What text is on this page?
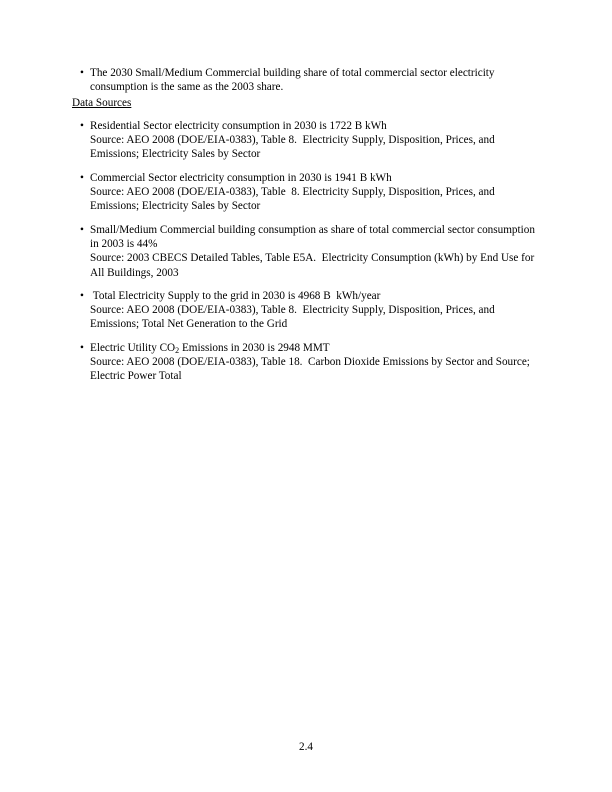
• The 2030 Small/Medium Commercial building share of total commercial sector electricity consumption is the same as the 2003 share.
Data Sources
• Residential Sector electricity consumption in 2030 is 1722 B kWh
Source: AEO 2008 (DOE/EIA-0383), Table 8.  Electricity Supply, Disposition, Prices, and Emissions; Electricity Sales by Sector
• Commercial Sector electricity consumption in 2030 is 1941 B kWh
Source: AEO 2008 (DOE/EIA-0383), Table  8. Electricity Supply, Disposition, Prices, and Emissions; Electricity Sales by Sector
• Small/Medium Commercial building consumption as share of total commercial sector consumption in 2003 is 44%
Source: 2003 CBECS Detailed Tables, Table E5A.  Electricity Consumption (kWh) by End Use for All Buildings, 2003
• Total Electricity Supply to the grid in 2030 is 4968 B  kWh/year
Source: AEO 2008 (DOE/EIA-0383), Table 8.  Electricity Supply, Disposition, Prices, and Emissions; Total Net Generation to the Grid
• Electric Utility $CO_2$ Emissions in 2030 is 2948 MMT
Source: AEO 2008 (DOE/EIA-0383), Table 18.  Carbon Dioxide Emissions by Sector and Source; Electric Power Total
2.4
